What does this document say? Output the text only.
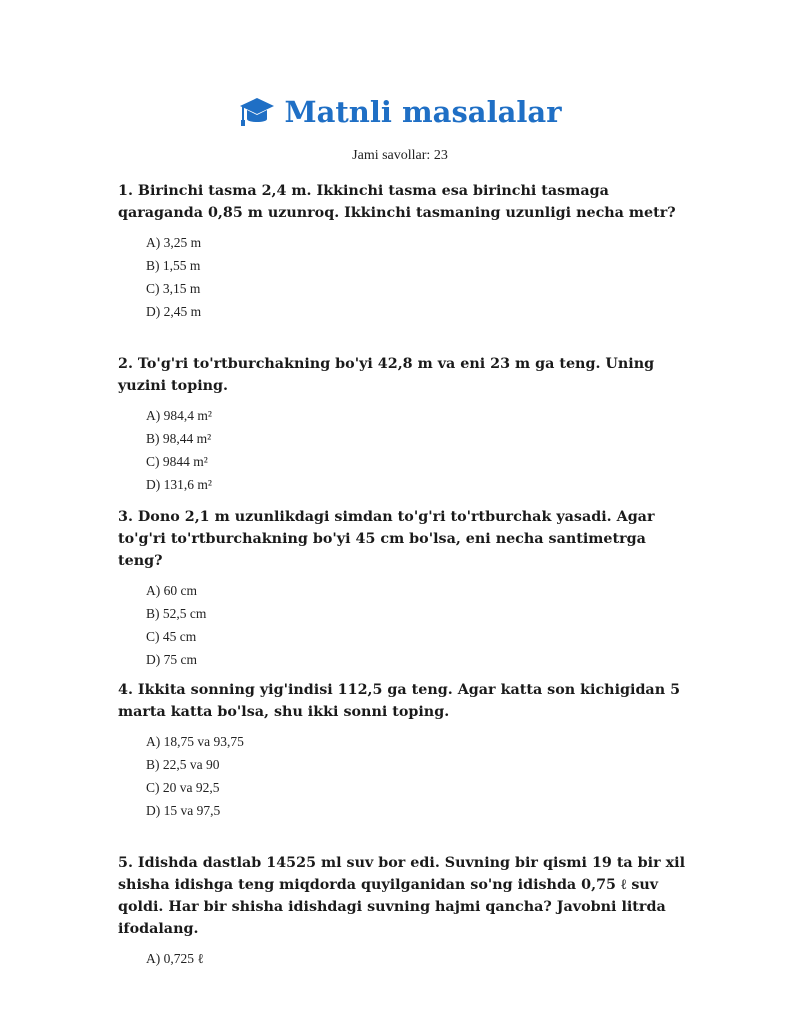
Matnli masalalar
Jami savollar: 23

1. Birinchi tasma 2,4 m. Ikkinchi tasma esa birinchi tasmaga qaraganda 0,85 m uzunroq. Ikkinchi tasmaning uzunligi necha metr?

A) 3,25 m
B) 1,55 m
C) 3,15 m
D) 2,45 m

2. To'g'ri to'rtburchakning bo'yi 42,8 m va eni 23 m ga teng. Uning yuzini toping.

A) 984,4 m²
B) 98,44 m²
C) 9844 m²
D) 131,6 m²

3. Dono 2,1 m uzunlikdagi simdan to'g'ri to'rtburchak yasadi. Agar to'g'ri to'rtburchakning bo'yi 45 cm bo'lsa, eni necha santimetrga teng?

A) 60 cm
B) 52,5 cm
C) 45 cm
D) 75 cm

4. Ikkita sonning yig'indisi 112,5 ga teng. Agar katta son kichigidan 5 marta katta bo'lsa, shu ikki sonni toping.

A) 18,75 va 93,75
B) 22,5 va 90
C) 20 va 92,5
D) 15 va 97,5

5. Idishda dastlab 14525 ml suv bor edi. Suvning bir qismi 19 ta bir xil shisha idishga teng miqdorda quyilganidan so'ng idishda 0,75 ℓ suv qoldi. Har bir shisha idishdagi suvning hajmi qancha? Javobni litrda ifodalang.

A) 0,725 ℓ
